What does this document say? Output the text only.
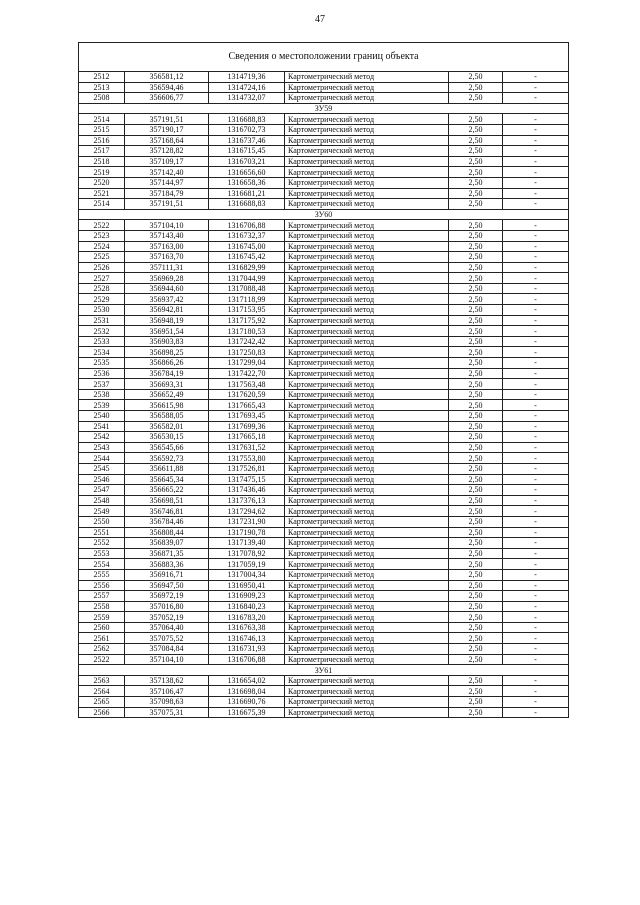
47
Сведения о местоположении границ объекта					
2512	356581,12	1314719,36	Картометрический метод	2,50	-
2513	356594,46	1314724,16	Картометрический метод	2,50	-
2508	356606,77	1314732,07	Картометрический метод	2,50	-
ЗУ59					
2514	357191,51	1316688,83	Картометрический метод	2,50	-
2515	357190,17	1316702,73	Картометрический метод	2,50	-
2516	357168,64	1316737,46	Картометрический метод	2,50	-
2517	357128,82	1316715,45	Картометрический метод	2,50	-
2518	357109,17	1316703,21	Картометрический метод	2,50	-
2519	357142,40	1316656,60	Картометрический метод	2,50	-
2520	357144,97	1316658,36	Картометрический метод	2,50	-
2521	357184,79	1316681,21	Картометрический метод	2,50	-
2514	357191,51	1316688,83	Картометрический метод	2,50	-
ЗУ60					
2522	357104,10	1316706,88	Картометрический метод	2,50	-
2523	357143,40	1316732,37	Картометрический метод	2,50	-
2524	357163,00	1316745,00	Картометрический метод	2,50	-
2525	357163,70	1316745,42	Картометрический метод	2,50	-
2526	357111,31	1316829,99	Картометрический метод	2,50	-
2527	356969,28	1317044,99	Картометрический метод	2,50	-
2528	356944,60	1317088,48	Картометрический метод	2,50	-
2529	356937,42	1317118,99	Картометрический метод	2,50	-
2530	356942,81	1317153,95	Картометрический метод	2,50	-
2531	356948,19	1317175,92	Картометрический метод	2,50	-
2532	356951,54	1317180,53	Картометрический метод	2,50	-
2533	356903,83	1317242,42	Картометрический метод	2,50	-
2534	356898,25	1317250,83	Картометрический метод	2,50	-
2535	356866,26	1317299,04	Картометрический метод	2,50	-
2536	356784,19	1317422,70	Картометрический метод	2,50	-
2537	356693,31	1317563,48	Картометрический метод	2,50	-
2538	356652,49	1317620,59	Картометрический метод	2,50	-
2539	356615,98	1317665,43	Картометрический метод	2,50	-
2540	356588,05	1317693,45	Картометрический метод	2,50	-
2541	356582,01	1317699,36	Картометрический метод	2,50	-
2542	356530,15	1317665,18	Картометрический метод	2,50	-
2543	356545,66	1317631,52	Картометрический метод	2,50	-
2544	356592,73	1317553,80	Картометрический метод	2,50	-
2545	356611,88	1317526,81	Картометрический метод	2,50	-
2546	356645,34	1317475,15	Картометрический метод	2,50	-
2547	356665,22	1317436,46	Картометрический метод	2,50	-
2548	356698,51	1317376,13	Картометрический метод	2,50	-
2549	356746,81	1317294,62	Картометрический метод	2,50	-
2550	356784,46	1317231,90	Картометрический метод	2,50	-
2551	356808,44	1317190,78	Картометрический метод	2,50	-
2552	356839,07	1317139,40	Картометрический метод	2,50	-
2553	356871,35	1317078,92	Картометрический метод	2,50	-
2554	356883,36	1317059,19	Картометрический метод	2,50	-
2555	356916,71	1317004,34	Картометрический метод	2,50	-
2556	356947,50	1316950,41	Картометрический метод	2,50	-
2557	356972,19	1316909,23	Картометрический метод	2,50	-
2558	357016,80	1316840,23	Картометрический метод	2,50	-
2559	357052,19	1316783,20	Картометрический метод	2,50	-
2560	357064,40	1316763,38	Картометрический метод	2,50	-
2561	357075,52	1316746,13	Картометрический метод	2,50	-
2562	357084,84	1316731,93	Картометрический метод	2,50	-
2522	357104,10	1316706,88	Картометрический метод	2,50	-
ЗУ61					
2563	357138,62	1316654,02	Картометрический метод	2,50	-
2564	357106,47	1316698,04	Картометрический метод	2,50	-
2565	357098,63	1316690,76	Картометрический метод	2,50	-
2566	357075,31	1316675,39	Картометрический метод	2,50	-
